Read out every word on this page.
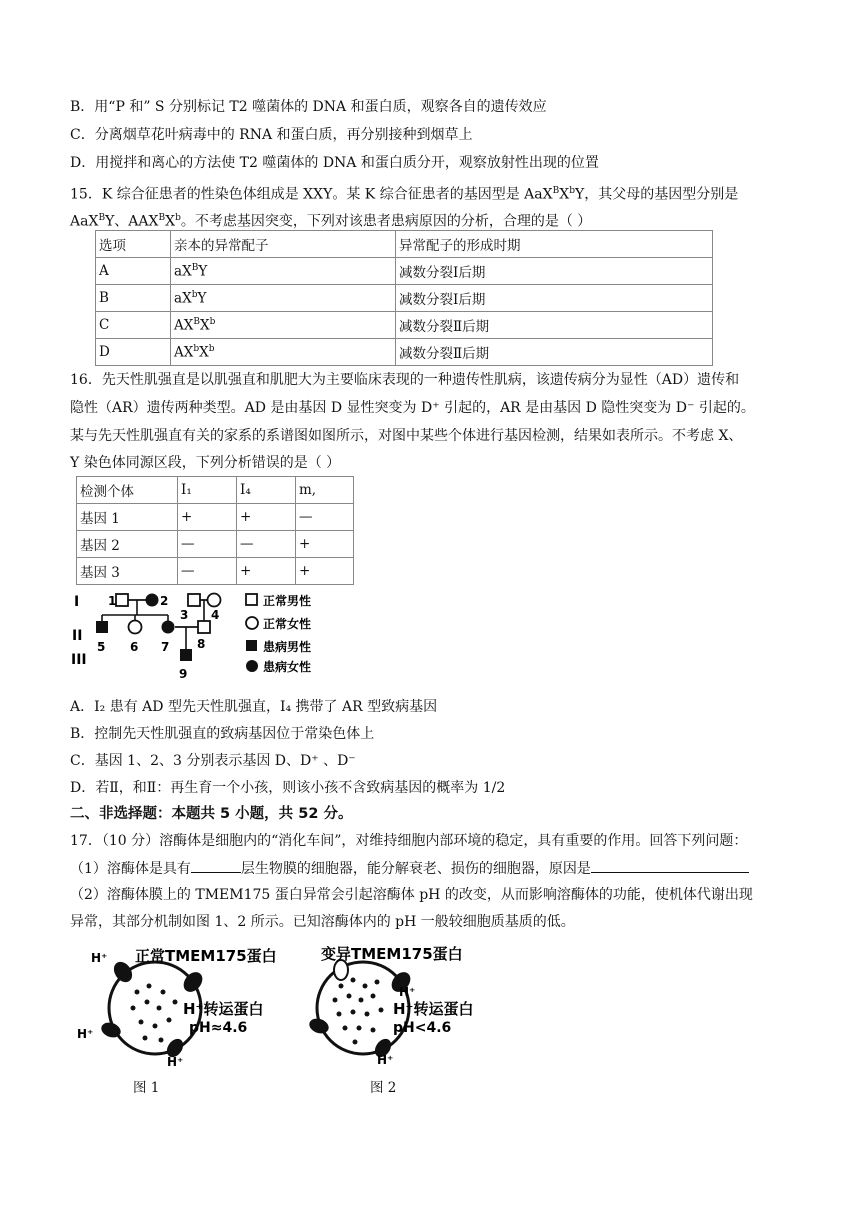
B．用“P 和” S 分别标记 T2 噬菌体的 DNA 和蛋白质，观察各自的遗传效应
C．分离烟草花叶病毒中的 RNA 和蛋白质，再分别接种到烟草上
D．用搅拌和离心的方法使 T2 噬菌体的 DNA 和蛋白质分开，观察放射性出现的位置
15．K 综合征患者的性染色体组成是 XXY。某 K 综合征患者的基因型是 $AaX^BX^bY$，其父母的基因型分别是
AaX$^B$Y、$AAX^BX^b$。不考虑基因突变，下列对该患者患病原因的分析，合理的是（ ）
选项	亲本的异常配子	异常配子的形成时期
A	$aX^BY$	减数分裂Ⅰ后期
B	$aX^bY$	减数分裂Ⅰ后期
C	$AX^BX^b$	减数分裂Ⅱ后期
D	$AX^bX^b$	减数分裂Ⅱ后期
16．先天性肌强直是以肌强直和肌肥大为主要临床表现的一种遗传性肌病，该遗传病分为显性（AD）遗传和
隐性（AR）遗传两种类型。AD 是由基因 D 显性突变为 D⁺ 引起的，AR 是由基因 D 隐性突变为 D⁻ 引起的。
某与先天性肌强直有关的家系的系谱图如图所示，对图中某些个体进行基因检测，结果如表所示。不考虑 X、
Y 染色体同源区段，下列分析错误的是（ ）
检测个体	I₁	I₄	m,
基因 1	+	+	—
基因 2	—	—	+
基因 3	—	+	+
I
II
III
1	2
3 4
5 6 7 8
9
正常男性
正常女性
患病男性
患病女性
A．I₂ 患有 AD 型先天性肌强直，I₄ 携带了 AR 型致病基因
B．控制先天性肌强直的致病基因位于常染色体上
C．基因 1、2、3 分别表示基因 D、D⁺ 、D⁻
D．若Ⅱ，和Ⅱ：再生育一个小孩，则该小孩不含致病基因的概率为 1/2
二、非选择题：本题共 5 小题，共 52 分。
17．（10 分）溶酶体是细胞内的“消化车间”，对维持细胞内部环境的稳定，具有重要的作用。回答下列问题：
（1）溶酶体是具有	层生物膜的细胞器，能分解衰老、损伤的细胞器，原因是
（2）溶酶体膜上的 TMEM175 蛋白异常会引起溶酶体 pH 的改变，从而影响溶酶体的功能，使机体代谢出现
异常，其部分机制如图 1、2 所示。已知溶酶体内的 pH 一般较细胞质基质的低。
H⁺ 正常TMEM175蛋白
H⁺转运蛋白
pH≈4.6
H⁺
H⁺
图 1
变异TMEM175蛋白
H⁺
H⁺转运蛋白
pH<4.6
H⁺
图 2
